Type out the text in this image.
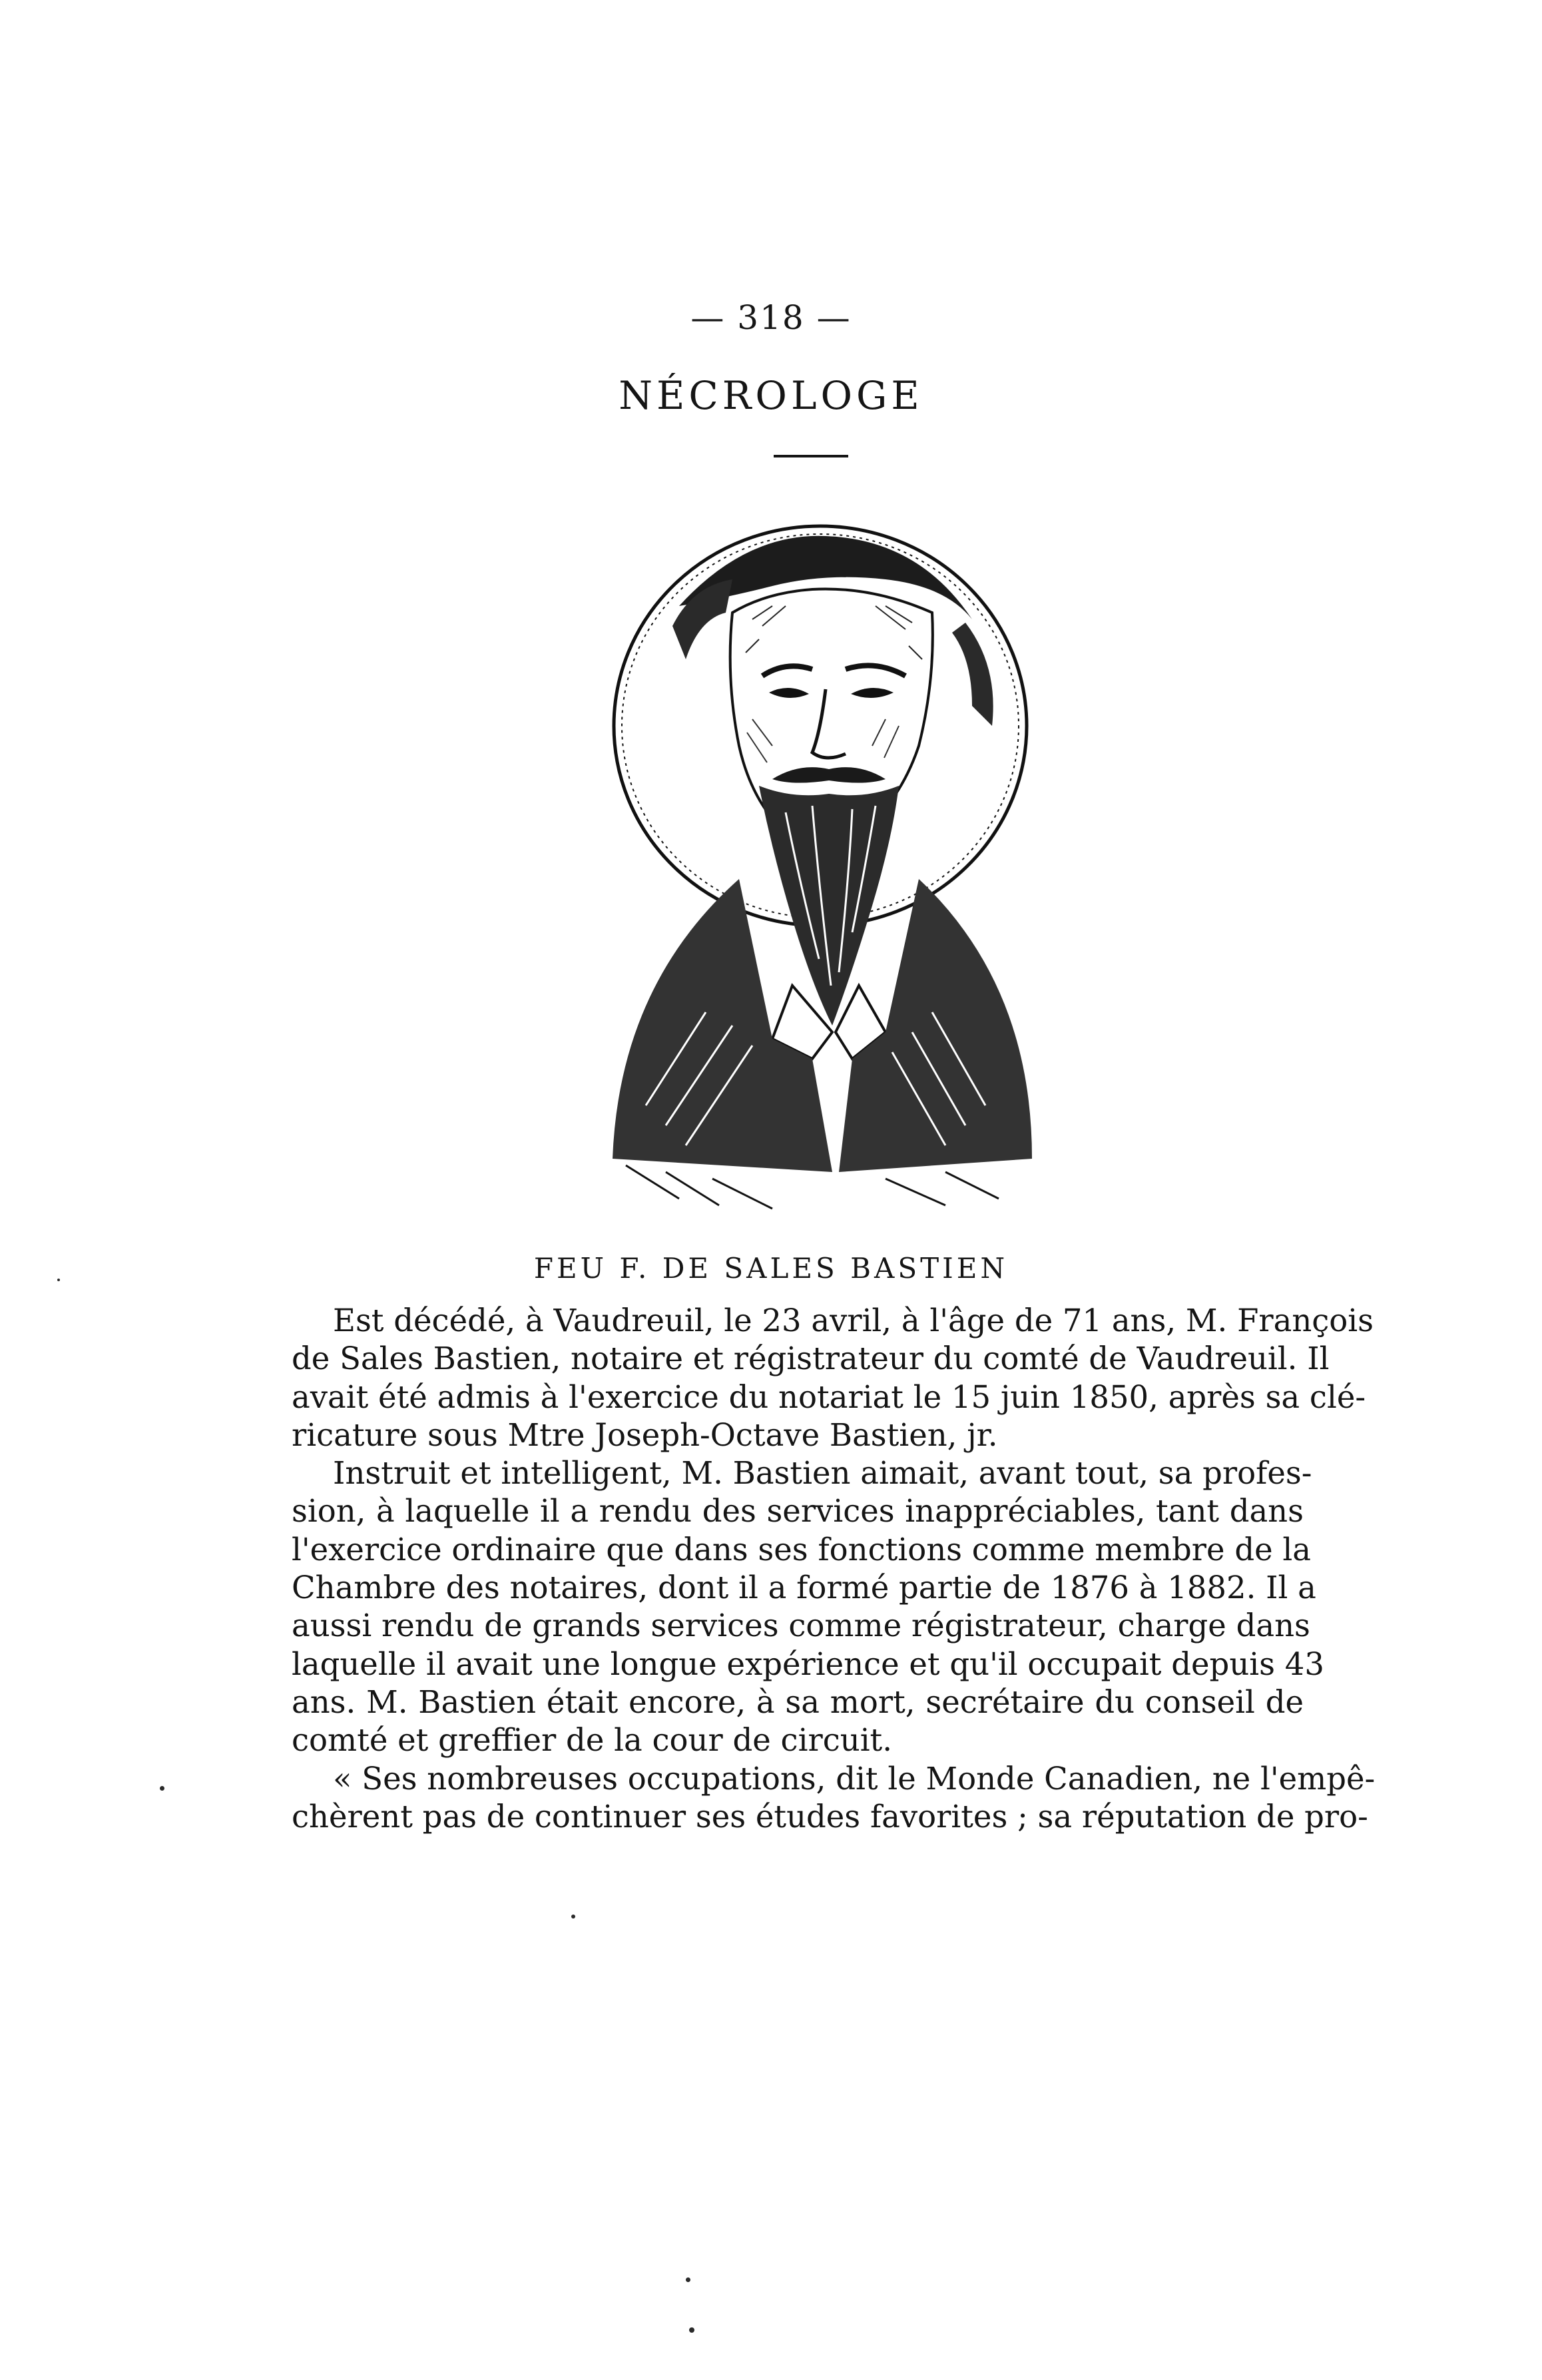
— 318 —
NÉCROLOGE
FEU F. DE SALES BASTIEN

Est décédé, à Vaudreuil, le 23 avril, à l'âge de 71 ans, M. François
de Sales Bastien, notaire et régistrateur du comté de Vaudreuil. Il
avait été admis à l'exercice du notariat le 15 juin 1850, après sa clé-
ricature sous Mtre Joseph-Octave Bastien, jr.

Instruit et intelligent, M. Bastien aimait, avant tout, sa profes-
sion, à laquelle il a rendu des services inappréciables, tant dans
l'exercice ordinaire que dans ses fonctions comme membre de la
Chambre des notaires, dont il a formé partie de 1876 à 1882. Il a
aussi rendu de grands services comme régistrateur, charge dans
laquelle il avait une longue expérience et qu'il occupait depuis 43
ans. M. Bastien était encore, à sa mort, secrétaire du conseil de
comté et greffier de la cour de circuit.

« Ses nombreuses occupations, dit le Monde Canadien, ne l'empê-
chèrent pas de continuer ses études favorites ; sa réputation de pro-
